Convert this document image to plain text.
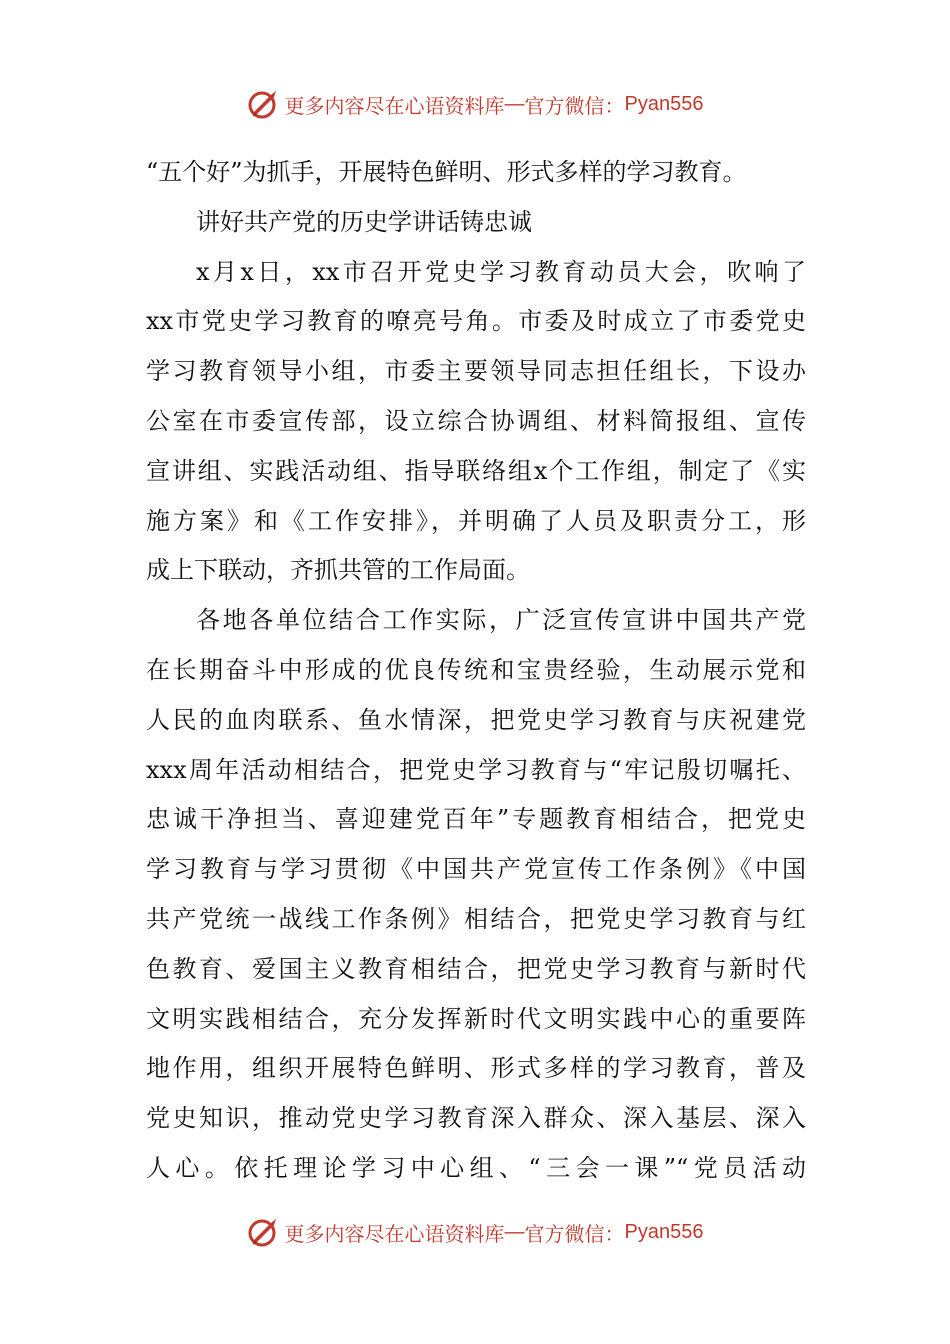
更多内容尽在心语资料库 — 官方微信： Pyan556
“五个好”为抓手，开展特色鲜明、形式多样的学习教育。
讲好共产党的历史学讲话铸忠诚
x月x日，xx市召开党史学习教育动员大会，吹响了
xx市党史学习教育的嘹亮号角。市委及时成立了市委党史
学习教育领导小组，市委主要领导同志担任组长，下设办
公室在市委宣传部，设立综合协调组、材料简报组、宣传
宣讲组、实践活动组、指导联络组x个工作组，制定了《实
施方案》和《工作安排》，并明确了人员及职责分工，形
成上下联动，齐抓共管的工作局面。
各地各单位结合工作实际，广泛宣传宣讲中国共产党
在长期奋斗中形成的优良传统和宝贵经验，生动展示党和
人民的血肉联系、鱼水情深，把党史学习教育与庆祝建党
xxx周年活动相结合，把党史学习教育与“牢记殷切嘱托、
忠诚干净担当、喜迎建党百年”专题教育相结合，把党史
学习教育与学习贯彻《中国共产党宣传工作条例》《中国
共产党统一战线工作条例》相结合，把党史学习教育与红
色教育、爱国主义教育相结合，把党史学习教育与新时代
文明实践相结合，充分发挥新时代文明实践中心的重要阵
地作用，组织开展特色鲜明、形式多样的学习教育，普及
党史知识，推动党史学习教育深入群众、深入基层、深入
人心。依托理论学习中心组、“三会一课”“党员活动
更多内容尽在心语资料库 — 官方微信： Pyan556
